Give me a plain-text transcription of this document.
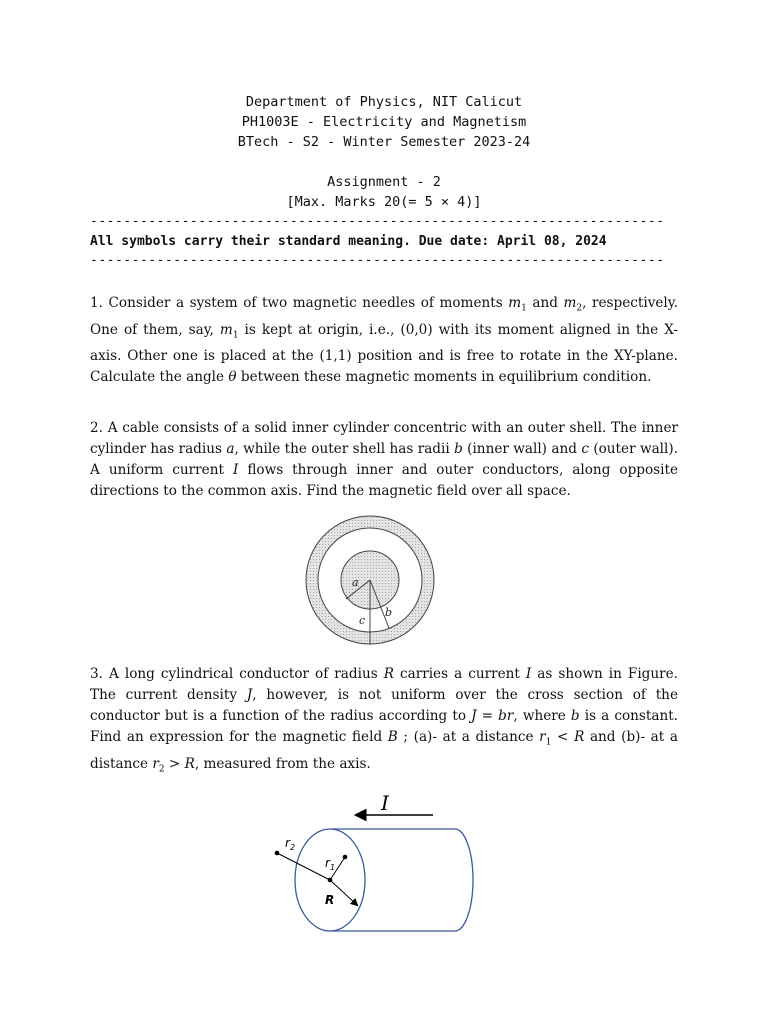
Department of Physics, NIT Calicut
PH1003E - Electricity and Magnetism
BTech - S2 - Winter Semester 2023-24
Assignment - 2
[Max. Marks 20(= 5 × 4)]
---------------------------------------------------------------------
All symbols carry their standard meaning. Due date: April 08, 2024
---------------------------------------------------------------------
1. Consider a system of two magnetic needles of moments $m_1$ and $m_2$, respectively. One of them, say, $m_1$ is kept at origin, i.e., (0,0) with its moment aligned in the X-axis. Other one is placed at the (1,1) position and is free to rotate in the XY-plane. Calculate the angle θ between these magnetic moments in equilibrium condition.
2. A cable consists of a solid inner cylinder concentric with an outer shell. The inner cylinder has radius a, while the outer shell has radii b (inner wall) and c (outer wall). A uniform current I flows through inner and outer conductors, along opposite directions to the common axis. Find the magnetic field over all space.
a
b
c
3. A long cylindrical conductor of radius R carries a current I as shown in Figure. The current density J, however, is not uniform over the cross section of the conductor but is a function of the radius according to J = br, where b is a constant. Find an expression for the magnetic field B ; (a)- at a distance $r_1 < R$ and (b)- at a distance $r_2 > R$, measured from the axis.
I
$r_2$
$r_1$
R
